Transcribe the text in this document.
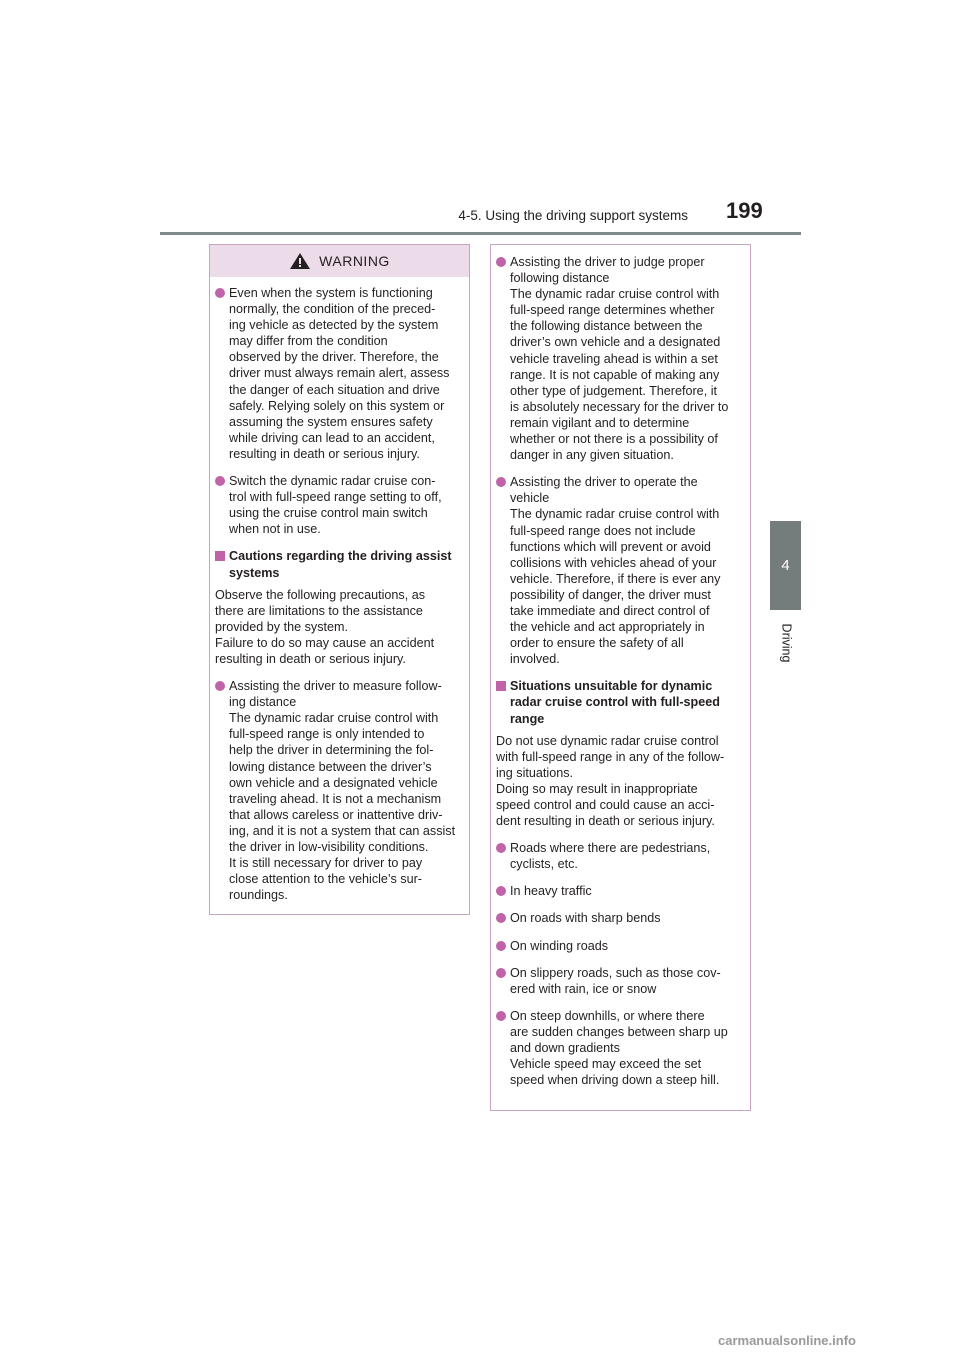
4-5. Using the driving support systems 199
4
Driving
WARNING
Even when the system is functioning
normally, the condition of the preced-
ing vehicle as detected by the system
may differ from the condition
observed by the driver. Therefore, the
driver must always remain alert, assess
the danger of each situation and drive
safely. Relying solely on this system or
assuming the system ensures safety
while driving can lead to an accident,
resulting in death or serious injury.
Switch the dynamic radar cruise con-
trol with full-speed range setting to off,
using the cruise control main switch
when not in use.
Cautions regarding the driving assist
systems
Observe the following precautions, as
there are limitations to the assistance
provided by the system.
Failure to do so may cause an accident
resulting in death or serious injury.
Assisting the driver to measure follow-
ing distance
The dynamic radar cruise control with
full-speed range is only intended to
help the driver in determining the fol-
lowing distance between the driver’s
own vehicle and a designated vehicle
traveling ahead. It is not a mechanism
that allows careless or inattentive driv-
ing, and it is not a system that can assist
the driver in low-visibility conditions.
It is still necessary for driver to pay
close attention to the vehicle’s sur-
roundings.
Assisting the driver to judge proper
following distance
The dynamic radar cruise control with
full-speed range determines whether
the following distance between the
driver’s own vehicle and a designated
vehicle traveling ahead is within a set
range. It is not capable of making any
other type of judgement. Therefore, it
is absolutely necessary for the driver to
remain vigilant and to determine
whether or not there is a possibility of
danger in any given situation.
Assisting the driver to operate the
vehicle
The dynamic radar cruise control with
full-speed range does not include
functions which will prevent or avoid
collisions with vehicles ahead of your
vehicle. Therefore, if there is ever any
possibility of danger, the driver must
take immediate and direct control of
the vehicle and act appropriately in
order to ensure the safety of all
involved.
Situations unsuitable for dynamic
radar cruise control with full-speed
range
Do not use dynamic radar cruise control
with full-speed range in any of the follow-
ing situations.
Doing so may result in inappropriate
speed control and could cause an acci-
dent resulting in death or serious injury.
Roads where there are pedestrians,
cyclists, etc.
In heavy traffic
On roads with sharp bends
On winding roads
On slippery roads, such as those cov-
ered with rain, ice or snow
On steep downhills, or where there
are sudden changes between sharp up
and down gradients
Vehicle speed may exceed the set
speed when driving down a steep hill.
carmanualsonline.info
